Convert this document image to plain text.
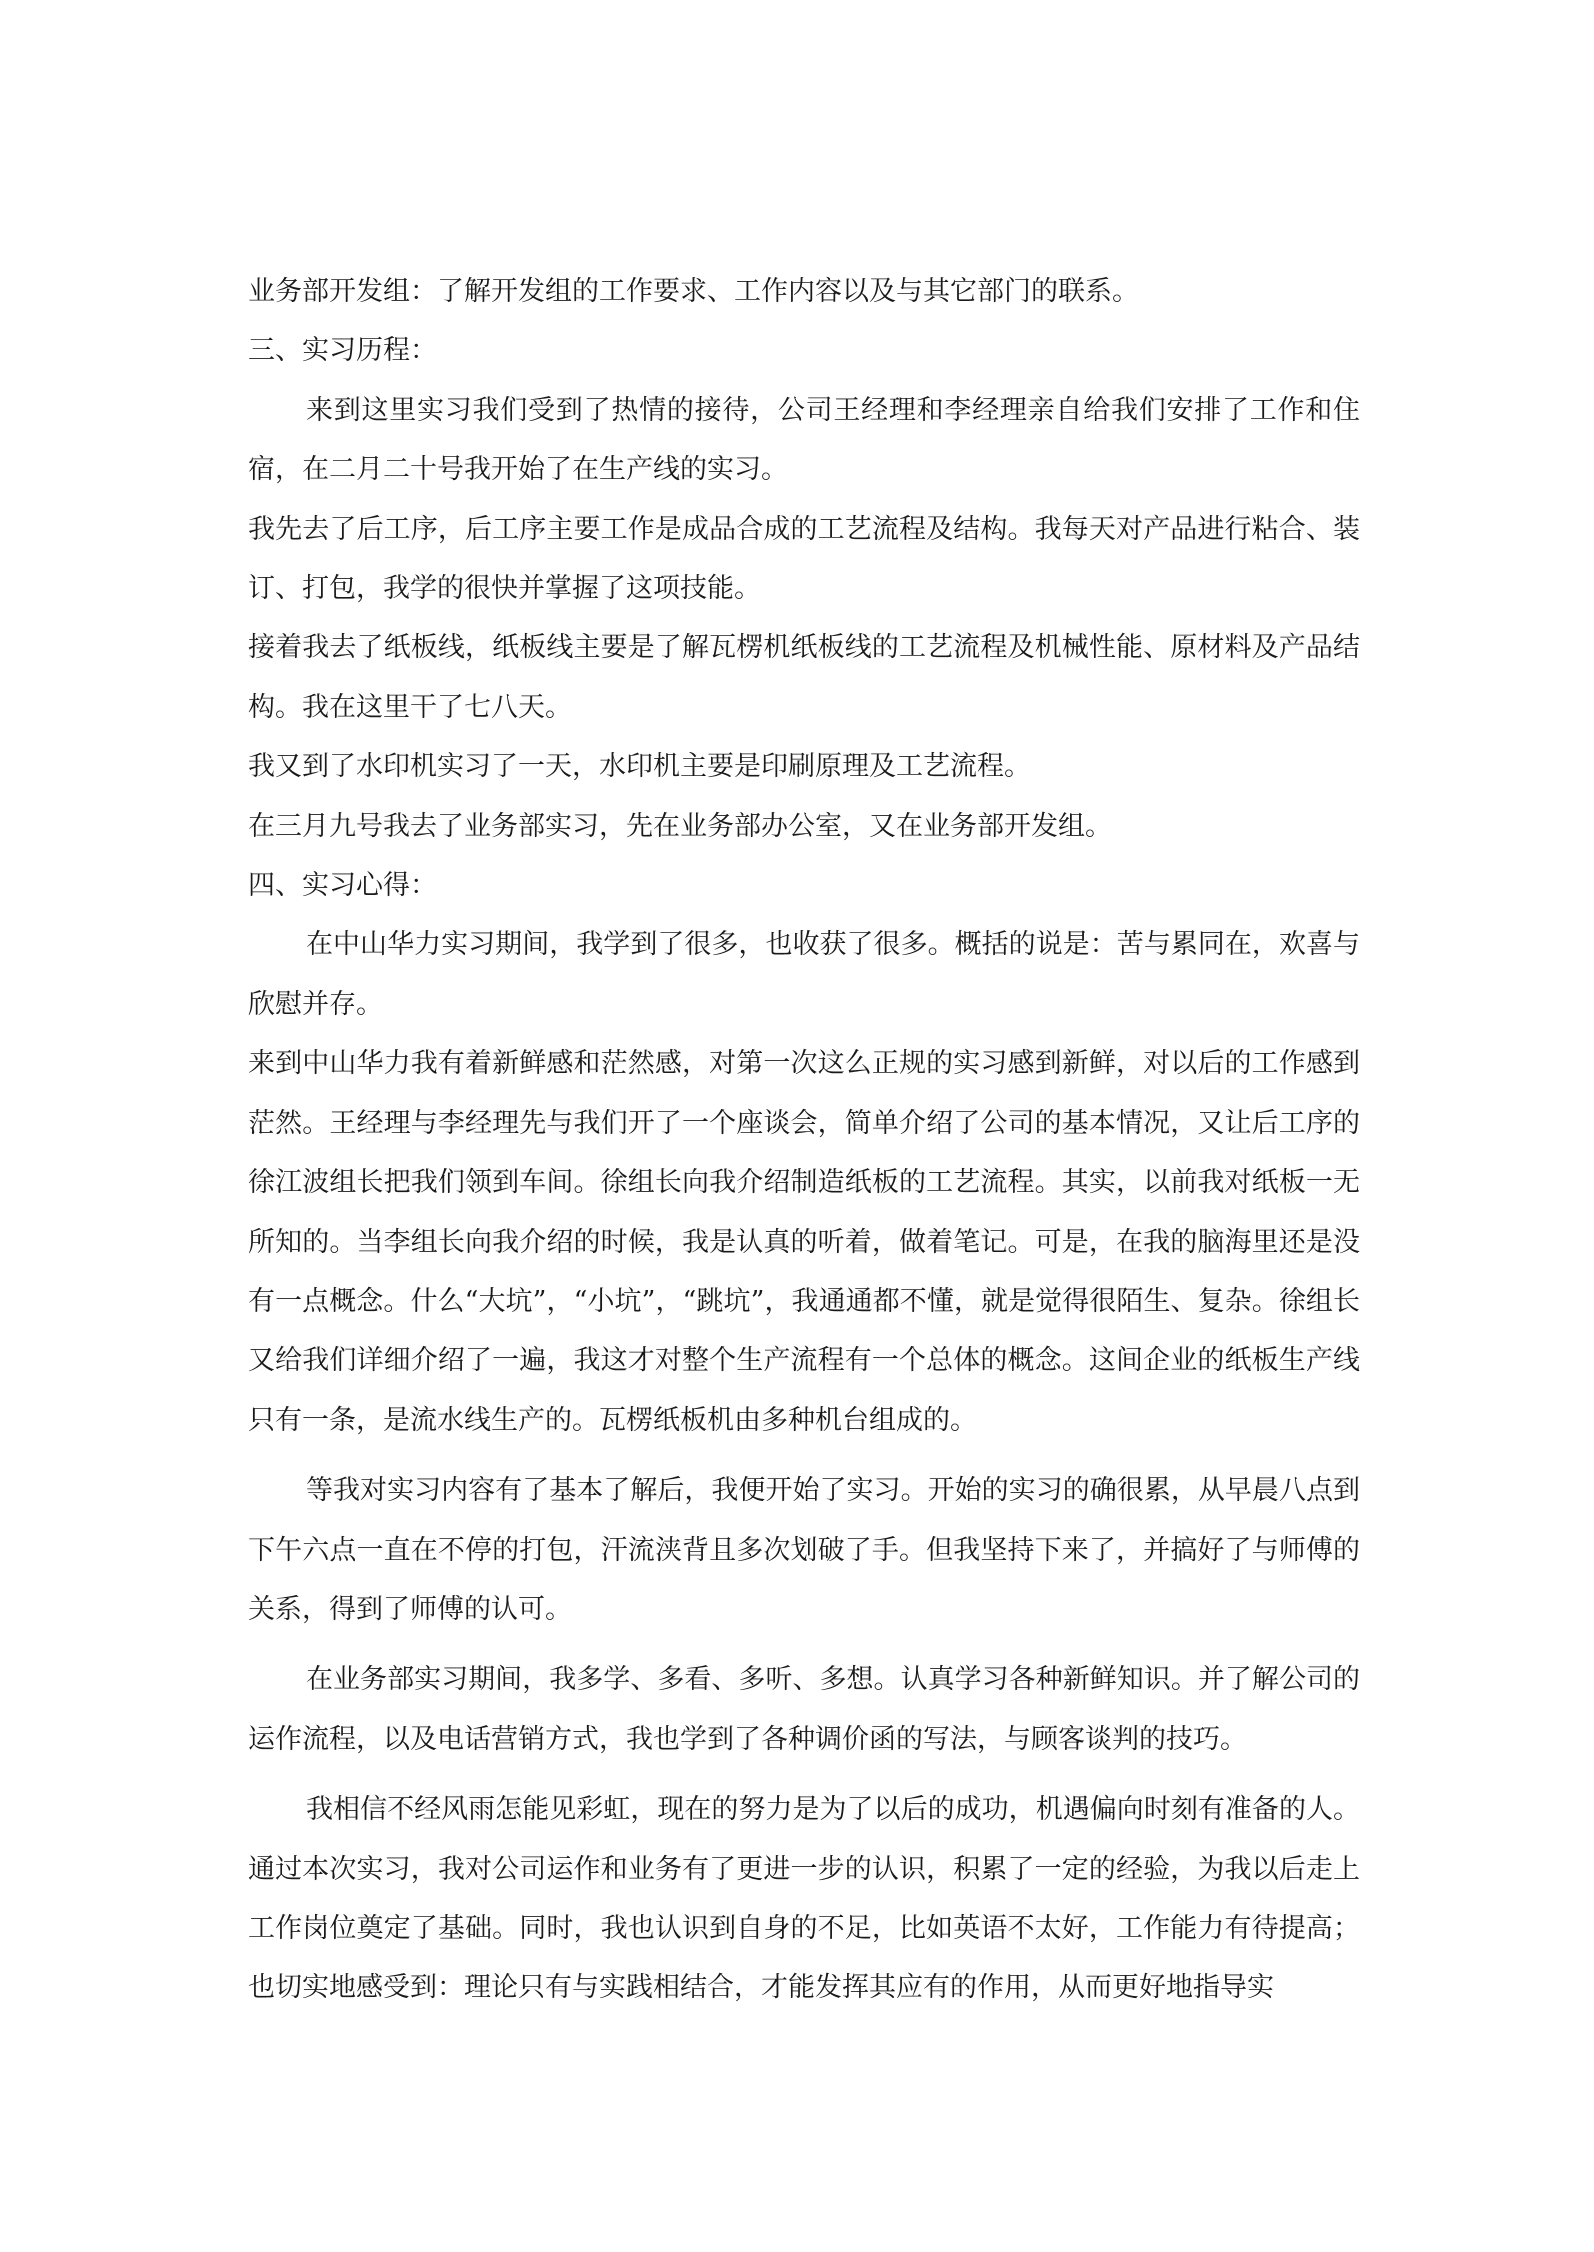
业务部开发组：了解开发组的工作要求、工作内容以及与其它部门的联系。

三、实习历程：

来到这里实习我们受到了热情的接待，公司王经理和李经理亲自给我们安排了工作和住宿，在二月二十号我开始了在生产线的实习。

我先去了后工序，后工序主要工作是成品合成的工艺流程及结构。我每天对产品进行粘合、装订、打包，我学的很快并掌握了这项技能。

接着我去了纸板线，纸板线主要是了解瓦楞机纸板线的工艺流程及机械性能、原材料及产品结构。我在这里干了七八天。

我又到了水印机实习了一天，水印机主要是印刷原理及工艺流程。

在三月九号我去了业务部实习，先在业务部办公室，又在业务部开发组。

四、实习心得：

在中山华力实习期间，我学到了很多，也收获了很多。概括的说是：苦与累同在，欢喜与欣慰并存。

来到中山华力我有着新鲜感和茫然感，对第一次这么正规的实习感到新鲜，对以后的工作感到茫然。王经理与李经理先与我们开了一个座谈会，简单介绍了公司的基本情况，又让后工序的徐江波组长把我们领到车间。徐组长向我介绍制造纸板的工艺流程。其实，以前我对纸板一无所知的。当李组长向我介绍的时候，我是认真的听着，做着笔记。可是，在我的脑海里还是没有一点概念。什么“大坑”，“小坑”，“跳坑”，我通通都不懂，就是觉得很陌生、复杂。徐组长又给我们详细介绍了一遍，我这才对整个生产流程有一个总体的概念。这间企业的纸板生产线只有一条，是流水线生产的。瓦楞纸板机由多种机台组成的。

等我对实习内容有了基本了解后，我便开始了实习。开始的实习的确很累，从早晨八点到下午六点一直在不停的打包，汗流浃背且多次划破了手。但我坚持下来了，并搞好了与师傅的关系，得到了师傅的认可。

在业务部实习期间，我多学、多看、多听、多想。认真学习各种新鲜知识。并了解公司的运作流程，以及电话营销方式，我也学到了各种调价函的写法，与顾客谈判的技巧。

我相信不经风雨怎能见彩虹，现在的努力是为了以后的成功，机遇偏向时刻有准备的人。通过本次实习，我对公司运作和业务有了更进一步的认识，积累了一定的经验，为我以后走上工作岗位奠定了基础。同时，我也认识到自身的不足，比如英语不太好，工作能力有待提高；也切实地感受到：理论只有与实践相结合，才能发挥其应有的作用，从而更好地指导实
